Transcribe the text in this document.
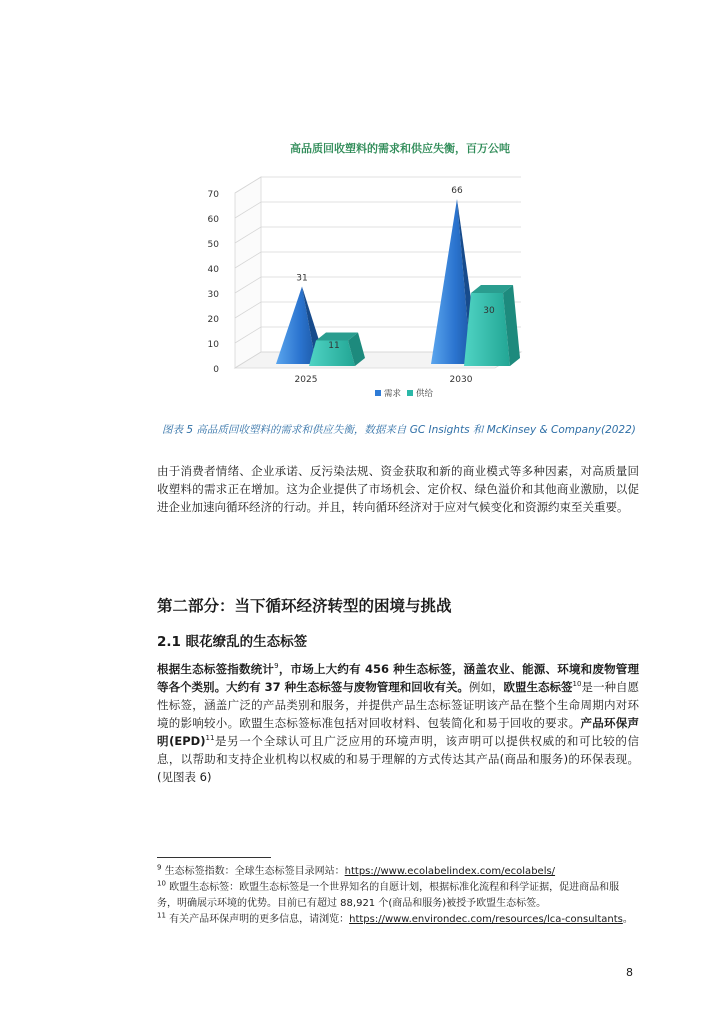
高品质回收塑料的需求和供应失衡，百万公吨
0
10
20
30
40
50
60
70
31
11
2025
66
30
2030
需求 供给
图表 5 高品质回收塑料的需求和供应失衡，数据来自 GC Insights 和 McKinsey & Company(2022)
由于消费者情绪、企业承诺、反污染法规、资金获取和新的商业模式等多种因素，对高质量回收塑料的需求正在增加。这为企业提供了市场机会、定价权、绿色溢价和其他商业激励，以促进企业加速向循环经济的行动。并且，转向循环经济对于应对气候变化和资源约束至关重要。
第二部分：当下循环经济转型的困境与挑战
2.1 眼花缭乱的生态标签
根据生态标签指数统计$^9$，市场上大约有 456 种生态标签，涵盖农业、能源、环境和废物管理等各个类别。大约有 37 种生态标签与废物管理和回收有关。例如，欧盟生态标签$^{10}$是一种自愿性标签，涵盖广泛的产品类别和服务，并提供产品生态标签证明该产品在整个生命周期内对环境的影响较小。欧盟生态标签标准包括对回收材料、包装简化和易于回收的要求。产品环保声明(EPD)$^{11}$是另一个全球认可且广泛应用的环境声明，该声明可以提供权威的和可比较的信息，以帮助和支持企业机构以权威的和易于理解的方式传达其产品(商品和服务)的环保表现。(见图表 6)
$^9$ 生态标签指数：全球生态标签目录网站：https://www.ecolabelindex.com/ecolabels/
$^{10}$ 欧盟生态标签：欧盟生态标签是一个世界知名的自愿计划，根据标准化流程和科学证据，促进商品和服务，明确展示环境的优势。目前已有超过 88,921 个(商品和服务)被授予欧盟生态标签。
$^{11}$ 有关产品环保声明的更多信息，请浏览：https://www.environdec.com/resources/lca-consultants。
8
